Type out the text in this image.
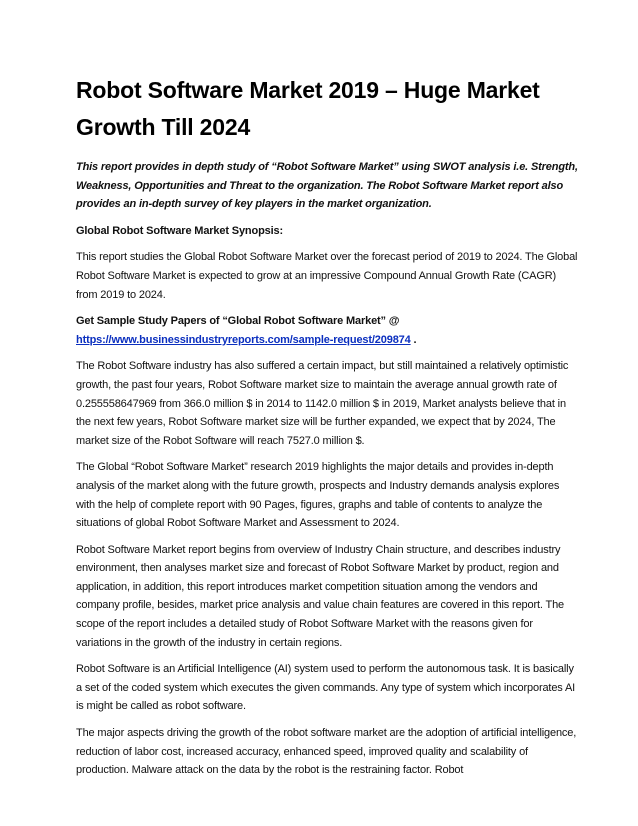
Robot Software Market 2019 – Huge Market Growth Till 2024

This report provides in depth study of “Robot Software Market” using SWOT analysis i.e. Strength, Weakness, Opportunities and Threat to the organization. The Robot Software Market report also provides an in-depth survey of key players in the market organization.

Global Robot Software Market Synopsis:

This report studies the Global Robot Software Market over the forecast period of 2019 to 2024. The Global Robot Software Market is expected to grow at an impressive Compound Annual Growth Rate (CAGR) from 2019 to 2024.

Get Sample Study Papers of “Global Robot Software Market” @
https://www.businessindustryreports.com/sample-request/209874 .

The Robot Software industry has also suffered a certain impact, but still maintained a relatively optimistic growth, the past four years, Robot Software market size to maintain the average annual growth rate of 0.255558647969 from 366.0 million $ in 2014 to 1142.0 million $ in 2019, Market analysts believe that in the next few years, Robot Software market size will be further expanded, we expect that by 2024, The market size of the Robot Software will reach 7527.0 million $.

The Global “Robot Software Market” research 2019 highlights the major details and provides in-depth analysis of the market along with the future growth, prospects and Industry demands analysis explores with the help of complete report with 90 Pages, figures, graphs and table of contents to analyze the situations of global Robot Software Market and Assessment to 2024.

Robot Software Market report begins from overview of Industry Chain structure, and describes industry environment, then analyses market size and forecast of Robot Software Market by product, region and application, in addition, this report introduces market competition situation among the vendors and company profile, besides, market price analysis and value chain features are covered in this report. The scope of the report includes a detailed study of Robot Software Market with the reasons given for variations in the growth of the industry in certain regions.

Robot Software is an Artificial Intelligence (AI) system used to perform the autonomous task. It is basically a set of the coded system which executes the given commands. Any type of system which incorporates AI is might be called as robot software.

The major aspects driving the growth of the robot software market are the adoption of artificial intelligence, reduction of labor cost, increased accuracy, enhanced speed, improved quality and scalability of production. Malware attack on the data by the robot is the restraining factor. Robot
